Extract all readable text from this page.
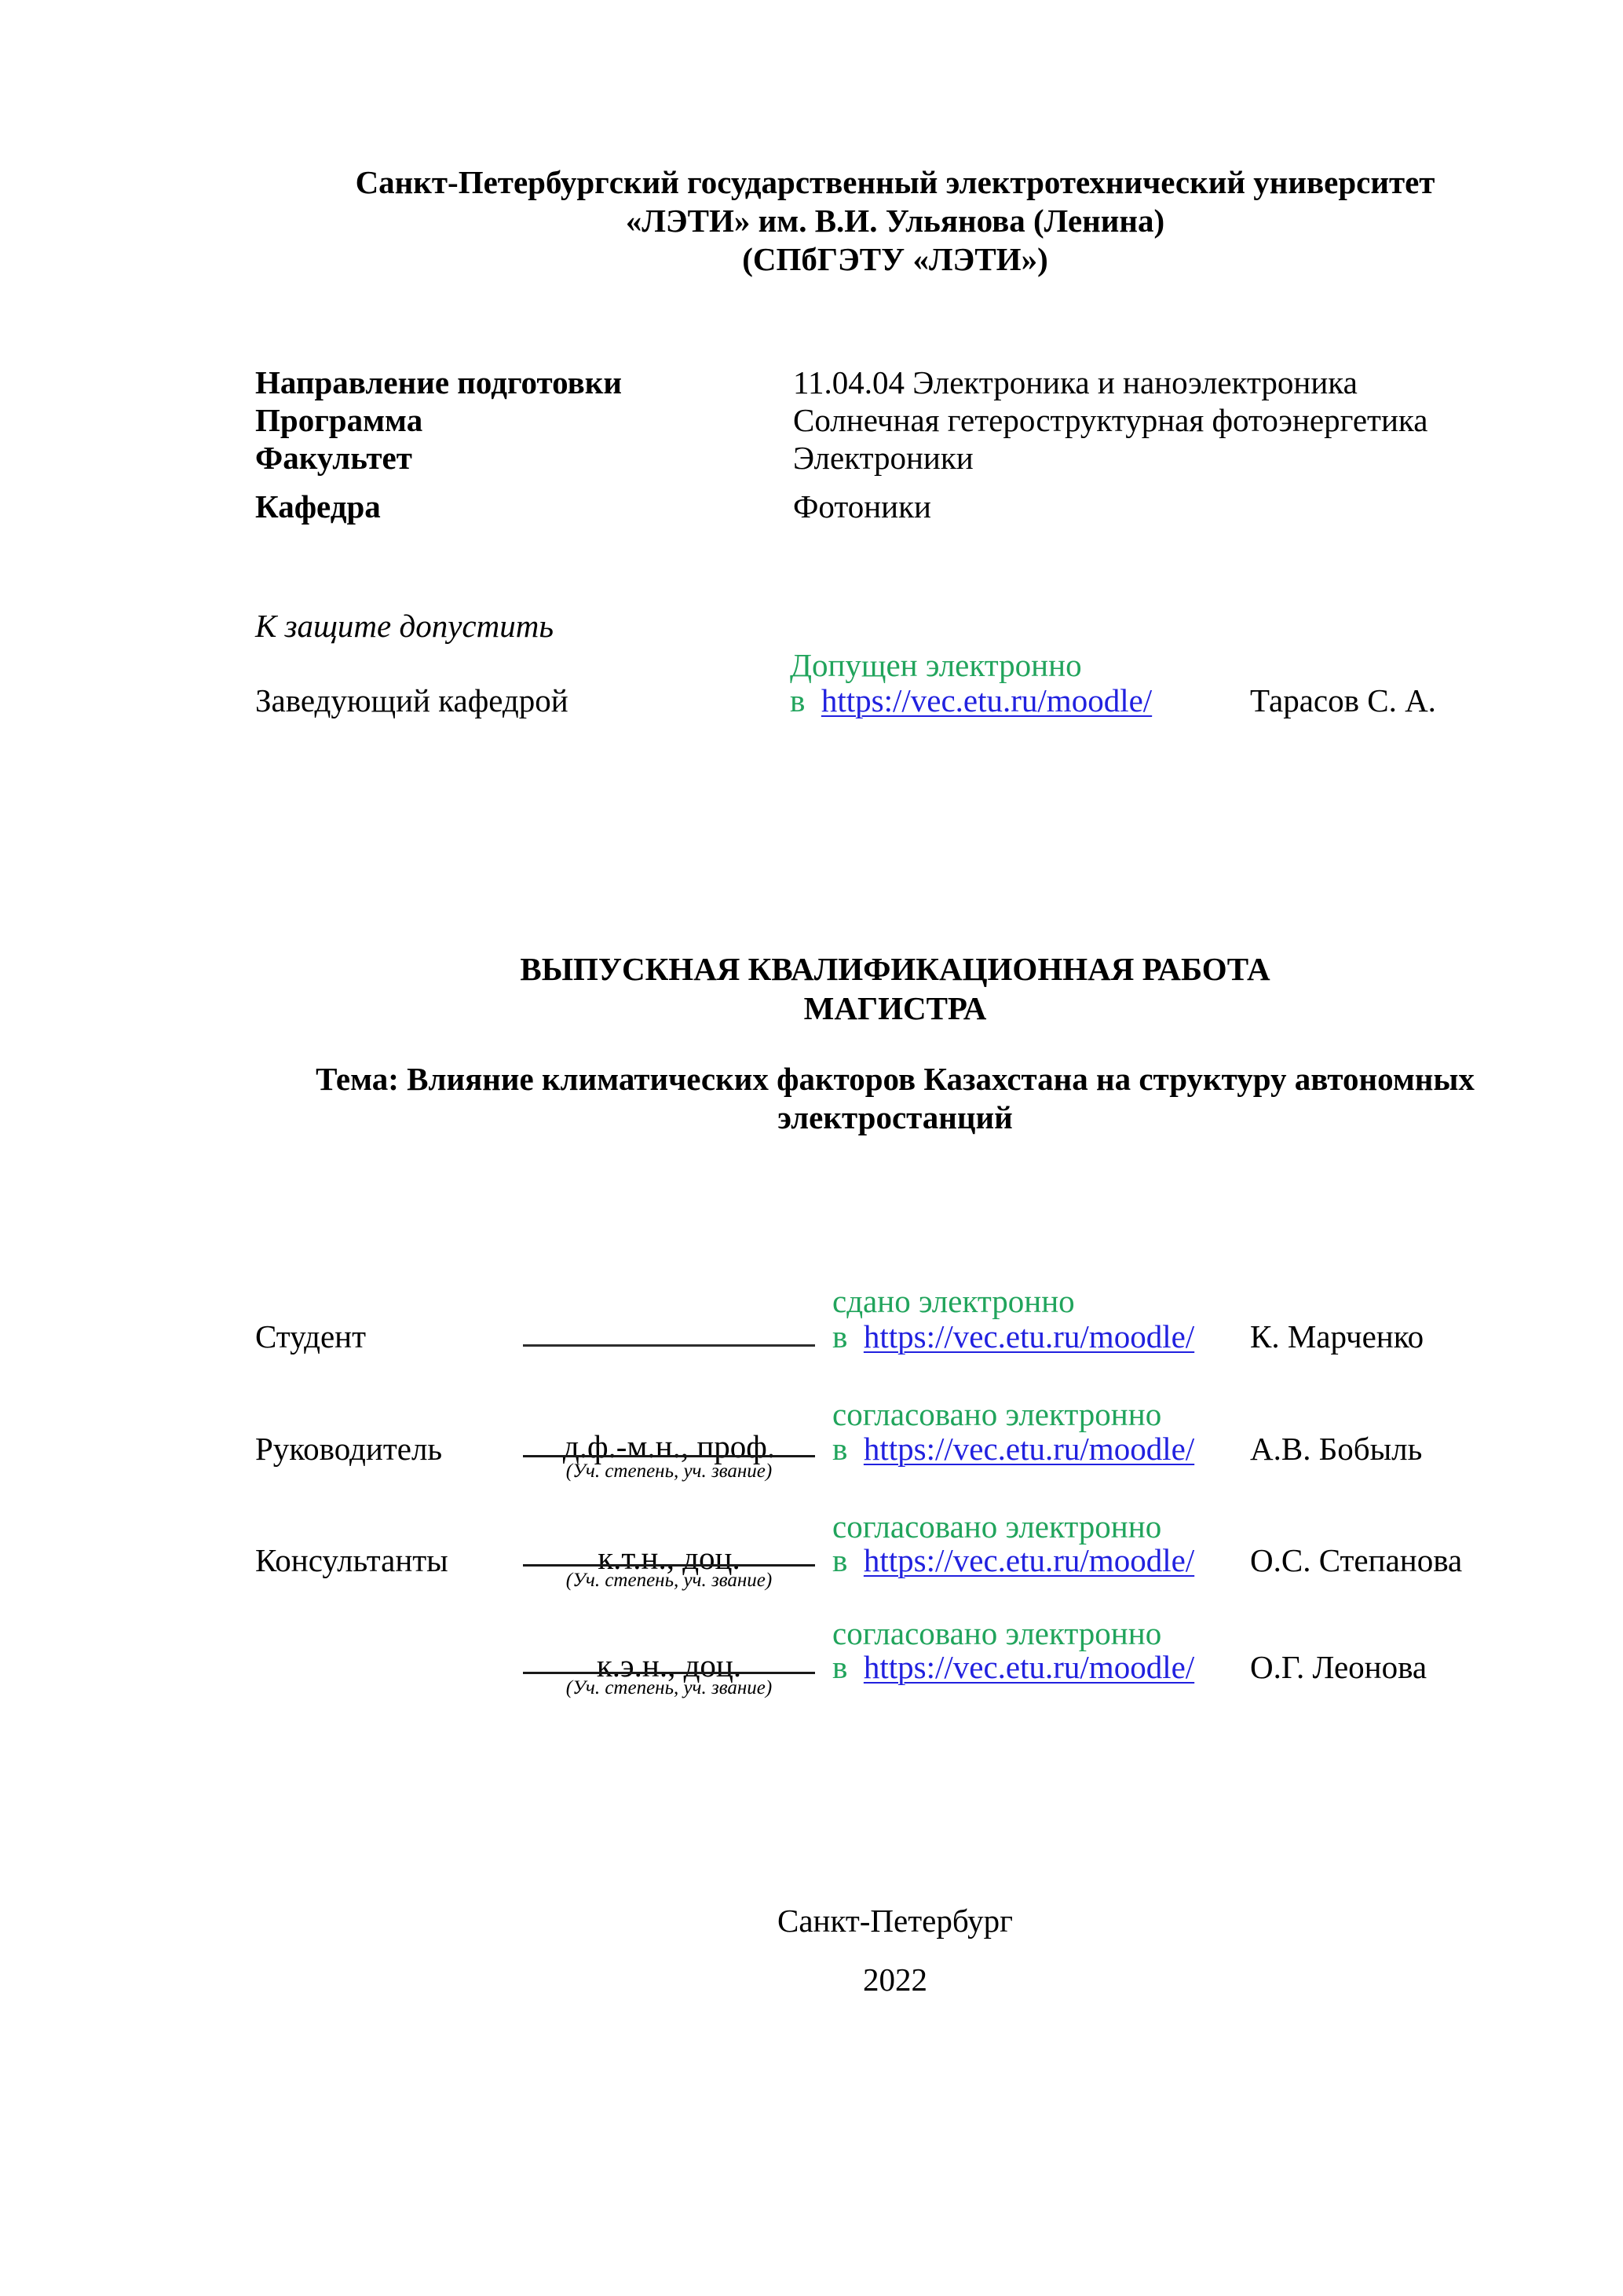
Санкт-Петербургский государственный электротехнический университет
«ЛЭТИ» им. В.И. Ульянова (Ленина)
(СПбГЭТУ «ЛЭТИ»)
Направление подготовки	11.04.04 Электроника и наноэлектроника
Программа	Солнечная гетероструктурная фотоэнергетика
Факультет	Электроники
Кафедра	Фотоники
К защите допустить
Допущен электронно
Заведующий кафедрой	в https://vec.etu.ru/moodle/	Тарасов С. А.
ВЫПУСКНАЯ КВАЛИФИКАЦИОННАЯ РАБОТА
МАГИСТРА
Тема: Влияние климатических факторов Казахстана на структуру автономных
электростанций
сдано электронно
Студент	в https://vec.etu.ru/moodle/ К. Марченко
согласовано электронно
Руководитель	д.ф.-м.н., проф.
(Уч. степень, уч. звание)
в https://vec.etu.ru/moodle/ А.В. Бобыль
согласовано электронно
Консультанты	к.т.н., доц.
(Уч. степень, уч. звание)
в https://vec.etu.ru/moodle/ О.С. Степанова
согласовано электронно
к.э.н., доц.
(Уч. степень, уч. звание)
в https://vec.etu.ru/moodle/ О.Г. Леонова
Санкт-Петербург
2022
